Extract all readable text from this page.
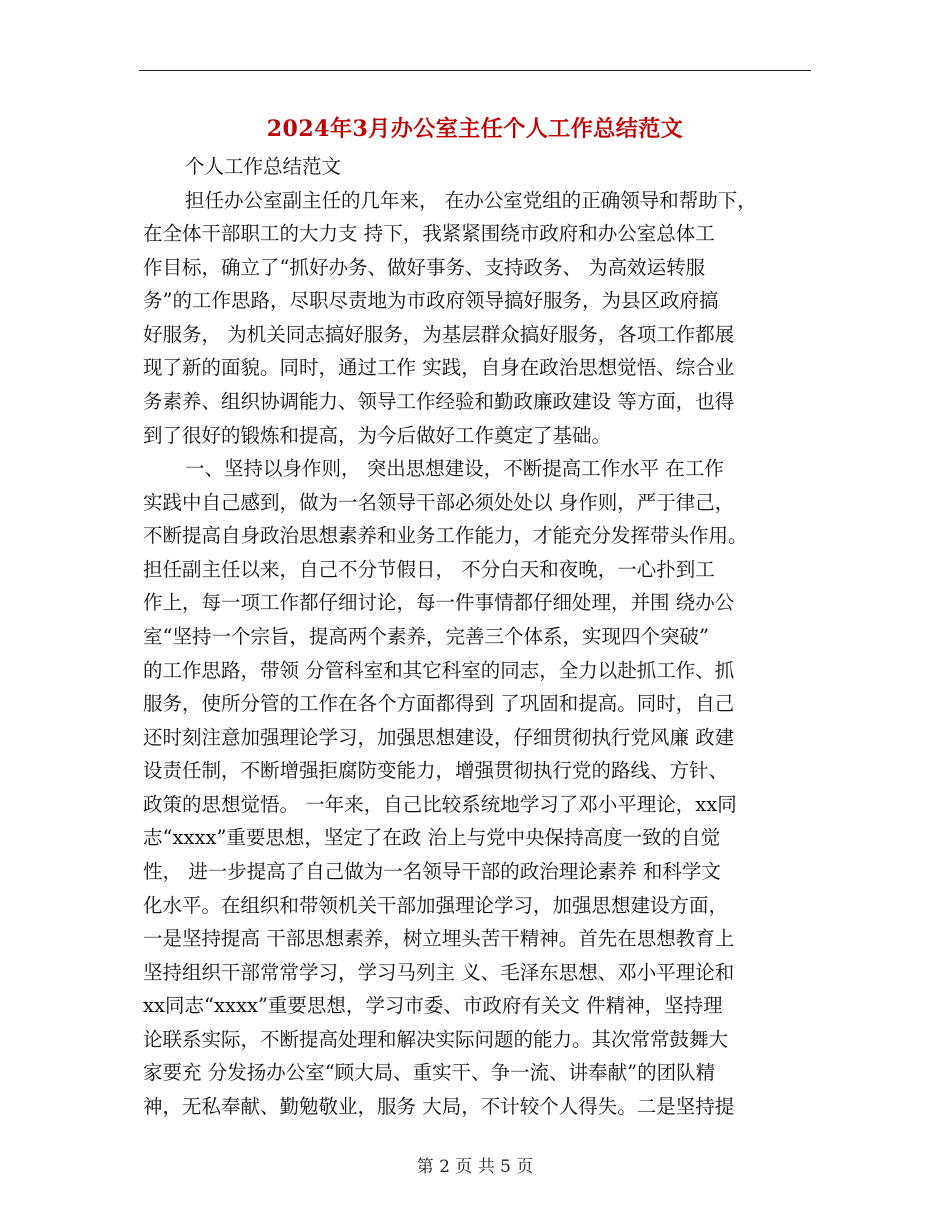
2024年3月办公室主任个人工作总结范文
个人工作总结范文
担任办公室副主任的几年来， 在办公室党组的正确领导和帮助下，
在全体干部职工的大力支 持下，我紧紧围绕市政府和办公室总体工
作目标，确立了“抓好办务、做好事务、支持政务、 为高效运转服
务”的工作思路，尽职尽责地为市政府领导搞好服务，为县区政府搞
好服务， 为机关同志搞好服务，为基层群众搞好服务，各项工作都展
现了新的面貌。同时，通过工作 实践，自身在政治思想觉悟、综合业
务素养、组织协调能力、领导工作经验和勤政廉政建设 等方面，也得
到了很好的锻炼和提高，为今后做好工作奠定了基础。
一、坚持以身作则， 突出思想建设，不断提高工作水平 在工作
实践中自己感到，做为一名领导干部必须处处以 身作则，严于律己，
不断提高自身政治思想素养和业务工作能力，才能充分发挥带头作用。
担任副主任以来，自己不分节假日， 不分白天和夜晚，一心扑到工
作上，每一项工作都仔细讨论，每一件事情都仔细处理，并围 绕办公
室“坚持一个宗旨，提高两个素养，完善三个体系，实现四个突破”
的工作思路，带领 分管科室和其它科室的同志，全力以赴抓工作、抓
服务，使所分管的工作在各个方面都得到 了巩固和提高。同时，自己
还时刻注意加强理论学习，加强思想建设，仔细贯彻执行党风廉 政建
设责任制，不断增强拒腐防变能力，增强贯彻执行党的路线、方针、
政策的思想觉悟。 一年来，自己比较系统地学习了邓小平理论，xx同
志“xxxx”重要思想，坚定了在政 治上与党中央保持高度一致的自觉
性， 进一步提高了自己做为一名领导干部的政治理论素养 和科学文
化水平。在组织和带领机关干部加强理论学习，加强思想建设方面，
一是坚持提高 干部思想素养，树立埋头苦干精神。首先在思想教育上
坚持组织干部常常学习，学习马列主 义、毛泽东思想、邓小平理论和
xx同志“xxxx”重要思想，学习市委、市政府有关文 件精神，坚持理
论联系实际，不断提高处理和解决实际问题的能力。其次常常鼓舞大
家要充 分发扬办公室“顾大局、重实干、争一流、讲奉献”的团队精
神，无私奉献、勤勉敬业，服务 大局，不计较个人得失。二是坚持提
第 2 页 共 5 页
